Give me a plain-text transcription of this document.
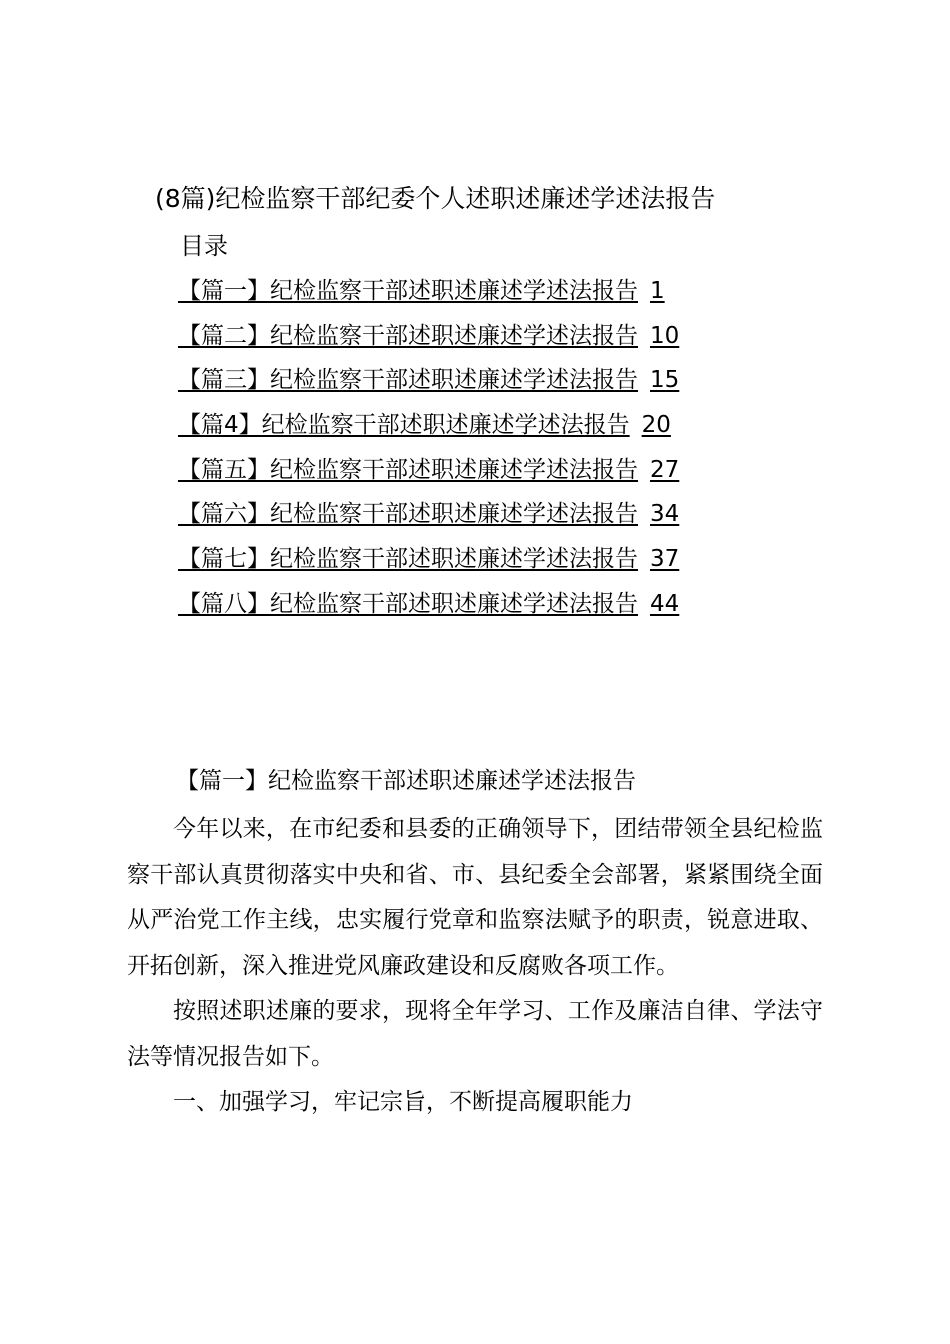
(8篇)纪检监察干部纪委个人述职述廉述学述法报告
目录
【篇一】纪检监察干部述职述廉述学述法报告 1
【篇二】纪检监察干部述职述廉述学述法报告 10
【篇三】纪检监察干部述职述廉述学述法报告 15
【篇4】纪检监察干部述职述廉述学述法报告 20
【篇五】纪检监察干部述职述廉述学述法报告 27
【篇六】纪检监察干部述职述廉述学述法报告 34
【篇七】纪检监察干部述职述廉述学述法报告 37
【篇八】纪检监察干部述职述廉述学述法报告 44
【篇一】纪检监察干部述职述廉述学述法报告

今年以来，在市纪委和县委的正确领导下，团结带领全县纪检监察干部认真贯彻落实中央和省、市、县纪委全会部署，紧紧围绕全面从严治党工作主线，忠实履行党章和监察法赋予的职责，锐意进取、开拓创新，深入推进党风廉政建设和反腐败各项工作。

按照述职述廉的要求，现将全年学习、工作及廉洁自律、学法守法等情况报告如下。

一、加强学习，牢记宗旨，不断提高履职能力
